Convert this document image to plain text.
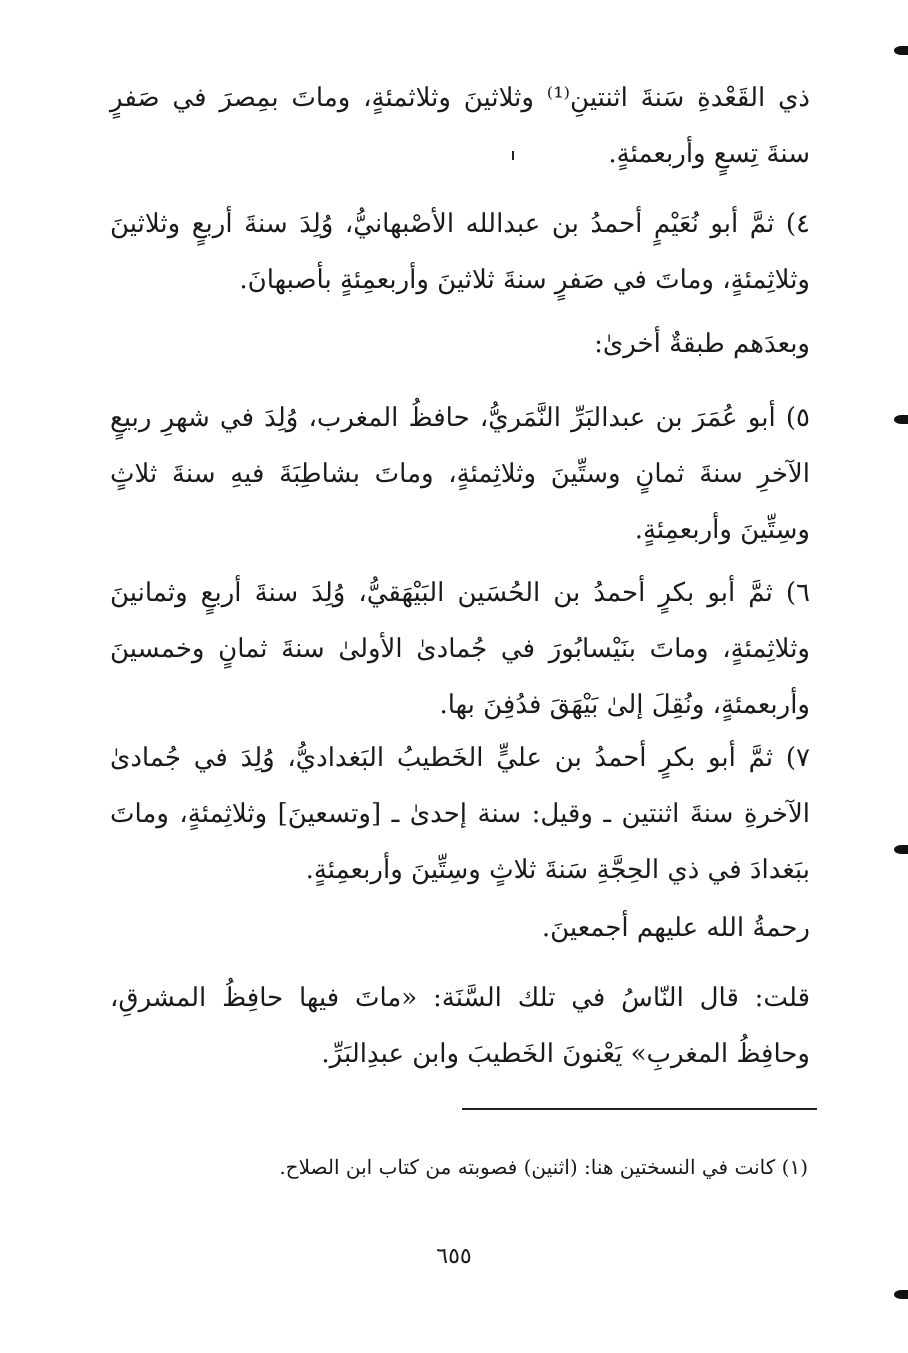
ذي القَعْدةِ سَنةَ اثنتينِ⁽¹⁾ وثلاثينَ وثلاثمئةٍ، وماتَ بمِصرَ في صَفرٍ سنةَ تِسعٍ وأربعمئةٍ.

٤) ثمَّ أبو نُعَيْمٍ أحمدُ بن عبدالله الأصْبهانيُّ، وُلِدَ سنةَ أربعٍ وثلاثينَ وثلاثِمئةٍ، وماتَ في صَفرٍ سنةَ ثلاثينَ وأربعمِئةٍ بأصبهانَ.

وبعدَهم طبقةٌ أخرىٰ:

٥) أبو عُمَرَ بن عبدالبَرِّ النَّمَريُّ، حافظُ المغرب، وُلِدَ في شهرِ ربيعٍ الآخرِ سنةَ ثمانٍ وستِّينَ وثلاثِمئةٍ، وماتَ بشاطِبَةَ فيهِ سنةَ ثلاثٍ وسِتِّينَ وأربعمِئةٍ.

٦) ثمَّ أبو بكرٍ أحمدُ بن الحُسَين البَيْهَقيُّ، وُلِدَ سنةَ أربعٍ وثمانينَ وثلاثِمئةٍ، وماتَ بنَيْسابُورَ في جُمادىٰ الأولىٰ سنةَ ثمانٍ وخمسينَ وأربعمئةٍ، ونُقِلَ إلىٰ بَيْهَقَ فدُفِنَ بها.

٧) ثمَّ أبو بكرٍ أحمدُ بن عليٍّ الخَطيبُ البَغداديُّ، وُلِدَ في جُمادىٰ الآخرةِ سنةَ اثنتين ـ وقيل: سنة إحدىٰ ـ [وتسعينَ] وثلاثِمئةٍ، وماتَ ببَغدادَ في ذي الحِجَّةِ سَنةَ ثلاثٍ وسِتِّينَ وأربعمِئةٍ.

رحمةُ الله عليهم أجمعينَ.

قلت: قال النّاسُ في تلك السَّنَة: «ماتَ فيها حافِظُ المشرقِ، وحافِظُ المغربِ» يَعْنونَ الخَطيبَ وابن عبدِالبَرِّ.

(١) كانت في النسختين هنا: (اثنين) فصوبته من كتاب ابن الصلاح.

٦٥٥
